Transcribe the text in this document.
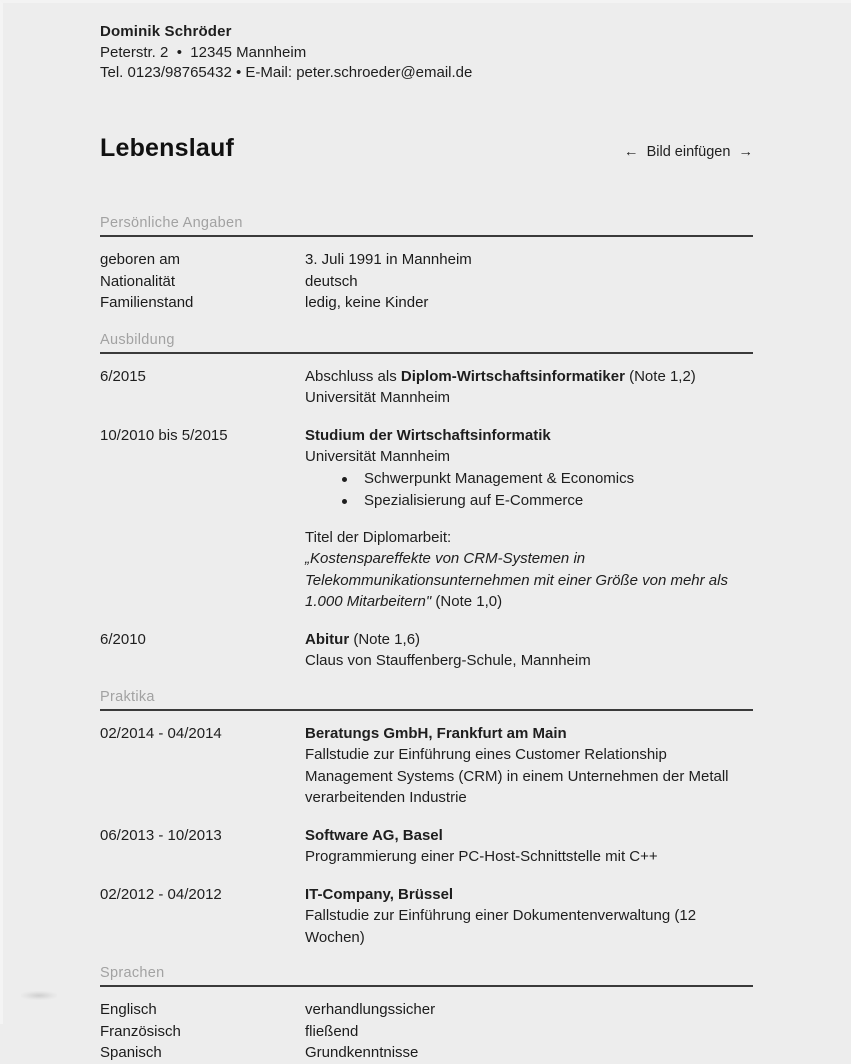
Dominik Schröder
Peterstr. 2  •  12345 Mannheim
Tel. 0123/98765432 • E-Mail: peter.schroeder@email.de
Lebenslauf	←  Bild einfügen  →
Persönliche Angaben
geboren am	3. Juli 1991 in Mannheim
Nationalität	deutsch
Familienstand	ledig, keine Kinder
Ausbildung
6/2015	Abschluss als Diplom-Wirtschaftsinformatiker (Note 1,2)
Universität Mannheim
10/2010 bis 5/2015	Studium der Wirtschaftsinformatik
Universität Mannheim
Schwerpunkt Management & Economics
Spezialisierung auf E-Commerce
Titel der Diplomarbeit:
„Kostenspareffekte von CRM-Systemen in Telekommunikationsunternehmen mit einer Größe von mehr als 1.000 Mitarbeitern" (Note 1,0)
6/2010	Abitur (Note 1,6)
Claus von Stauffenberg-Schule, Mannheim
Praktika
02/2014 - 04/2014	Beratungs GmbH, Frankfurt am Main
Fallstudie zur Einführung eines Customer Relationship Management Systems (CRM) in einem Unternehmen der Metall verarbeitenden Industrie
06/2013 - 10/2013	Software AG, Basel
Programmierung einer PC-Host-Schnittstelle mit C++
02/2012 - 04/2012	IT-Company, Brüssel
Fallstudie zur Einführung einer Dokumentenverwaltung (12 Wochen)
Sprachen
Englisch	verhandlungssicher
Französisch	fließend
Spanisch	Grundkenntnisse
